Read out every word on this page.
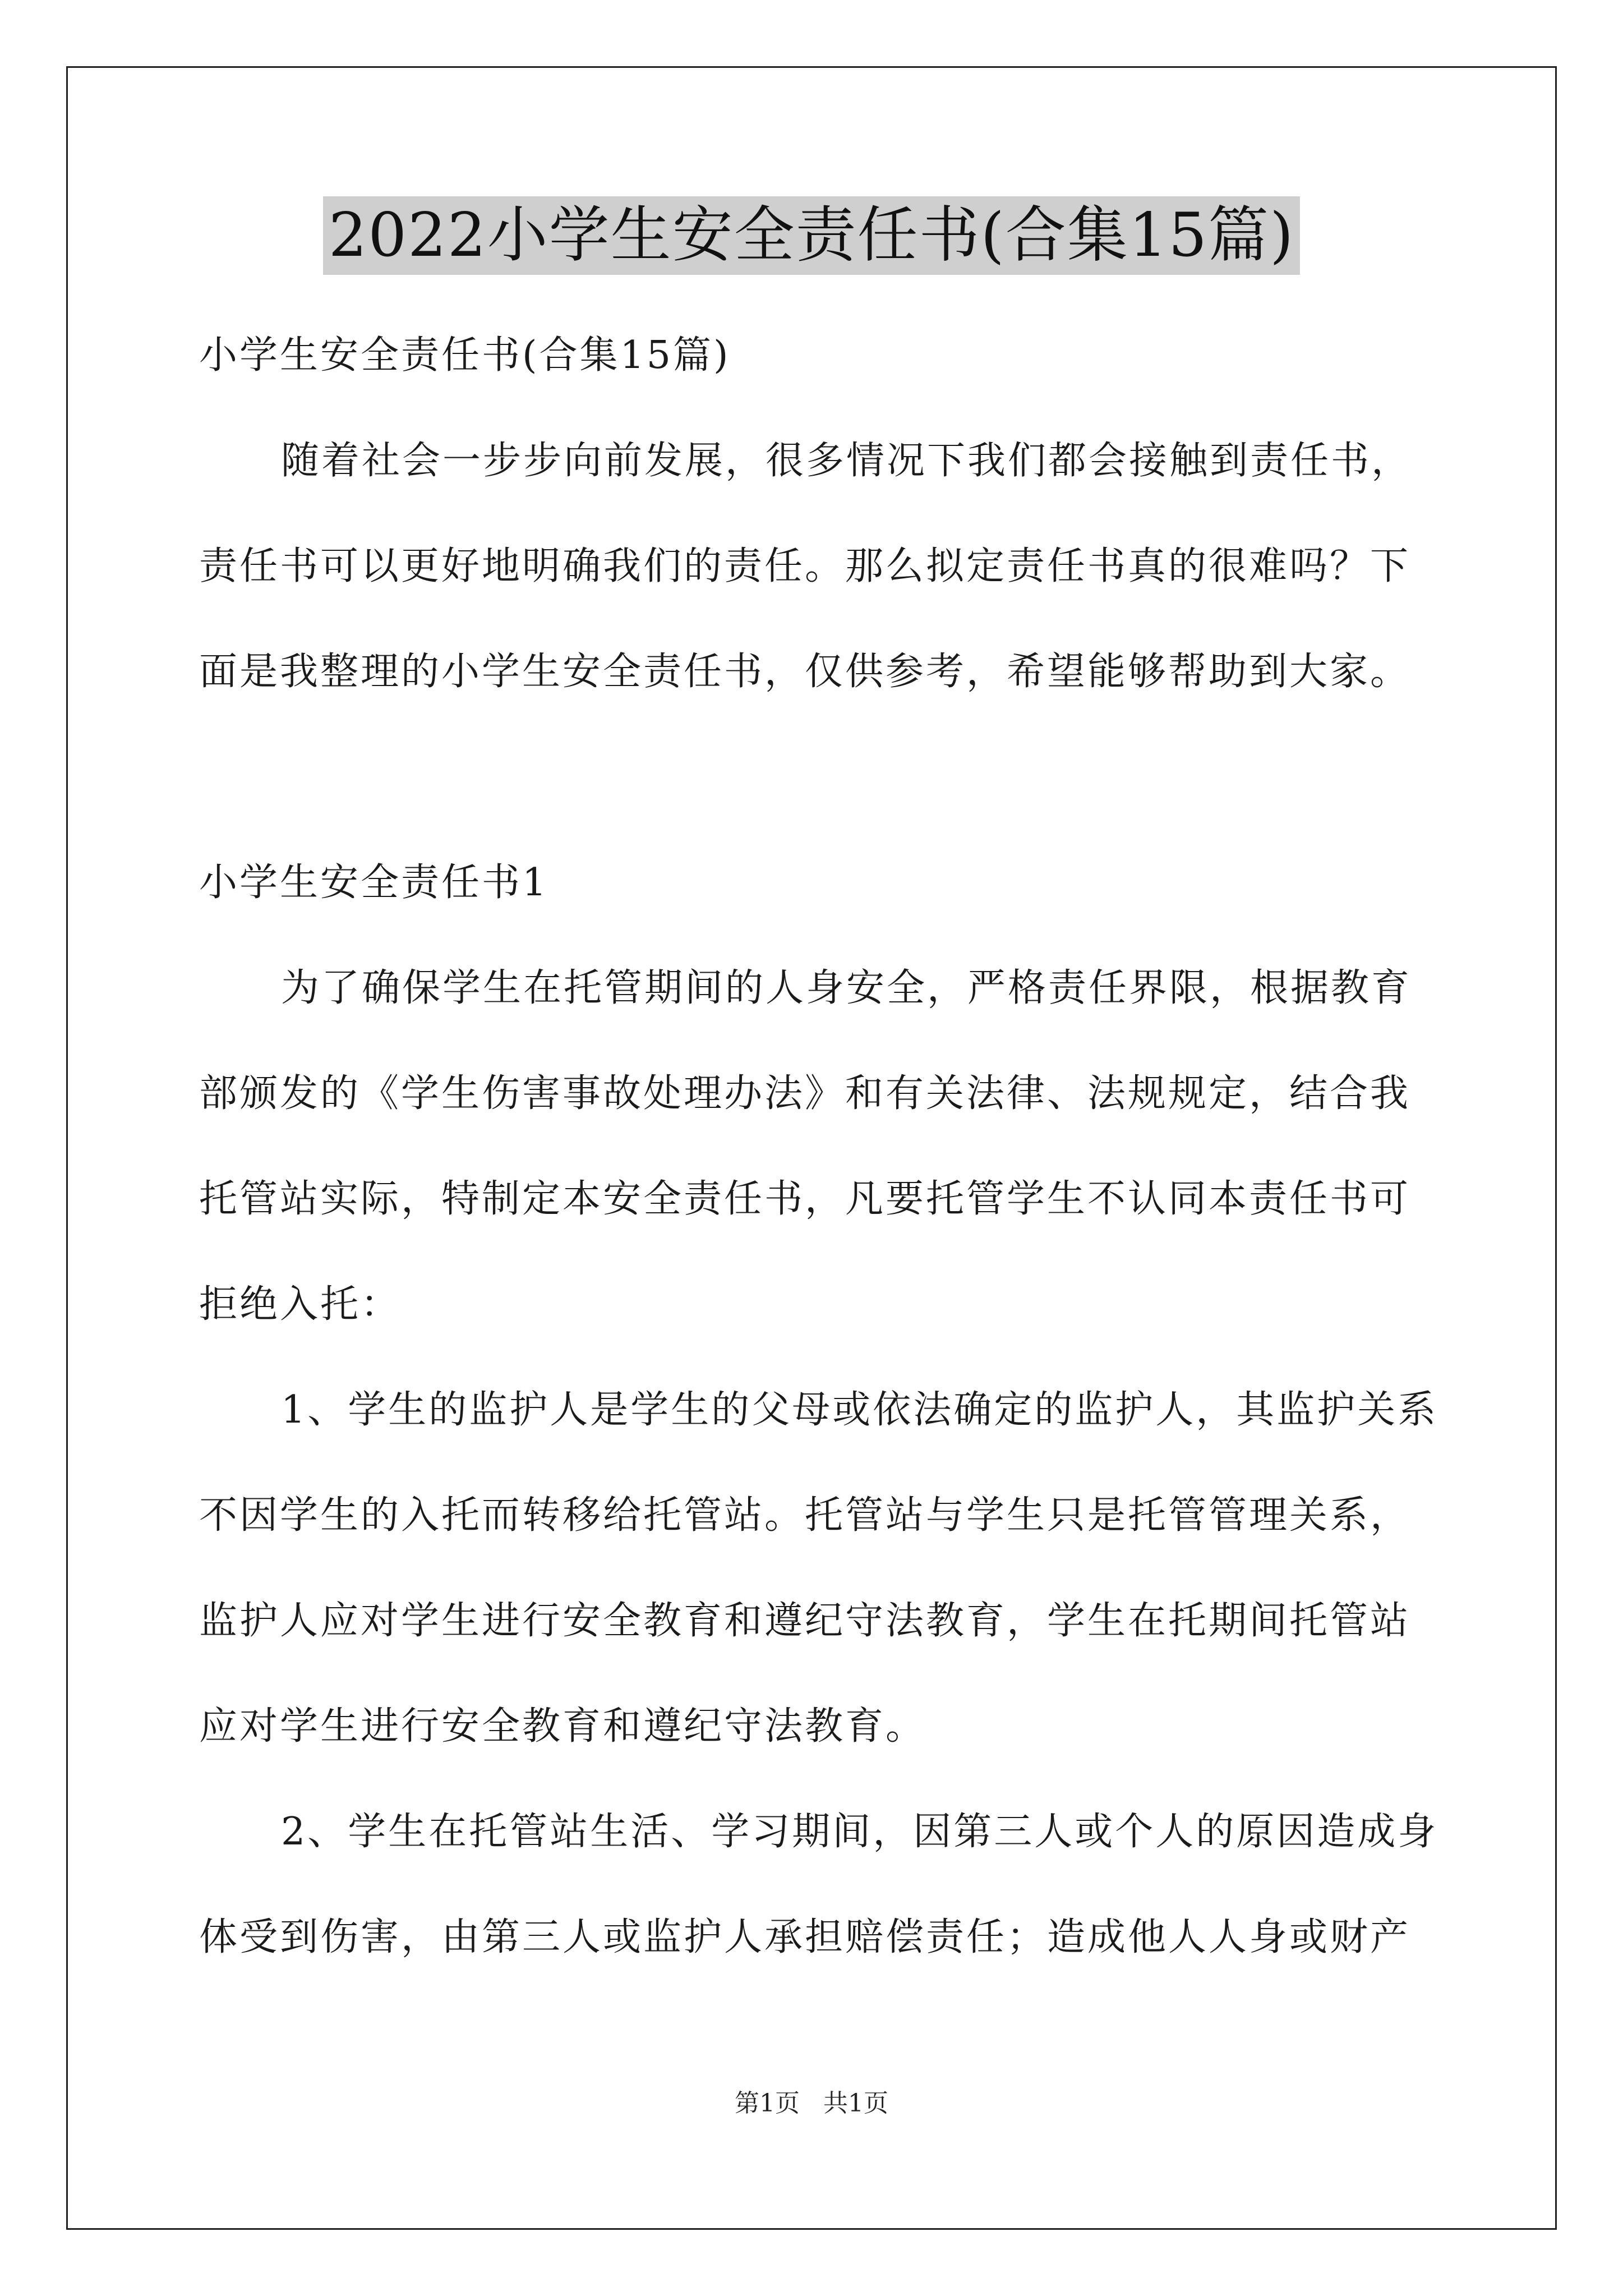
2022小学生安全责任书(合集15篇)
小学生安全责任书(合集15篇)
随着社会一步步向前发展，很多情况下我们都会接触到责任书，
责任书可以更好地明确我们的责任。那么拟定责任书真的很难吗？下
面是我整理的小学生安全责任书，仅供参考，希望能够帮助到大家。
小学生安全责任书1
为了确保学生在托管期间的人身安全，严格责任界限，根据教育
部颁发的《学生伤害事故处理办法》和有关法律、法规规定，结合我
托管站实际，特制定本安全责任书，凡要托管学生不认同本责任书可
拒绝入托：
1、学生的监护人是学生的父母或依法确定的监护人，其监护关系
不因学生的入托而转移给托管站。托管站与学生只是托管管理关系，
监护人应对学生进行安全教育和遵纪守法教育，学生在托期间托管站
应对学生进行安全教育和遵纪守法教育。
2、学生在托管站生活、学习期间，因第三人或个人的原因造成身
体受到伤害，由第三人或监护人承担赔偿责任；造成他人人身或财产
第1页 共1页
